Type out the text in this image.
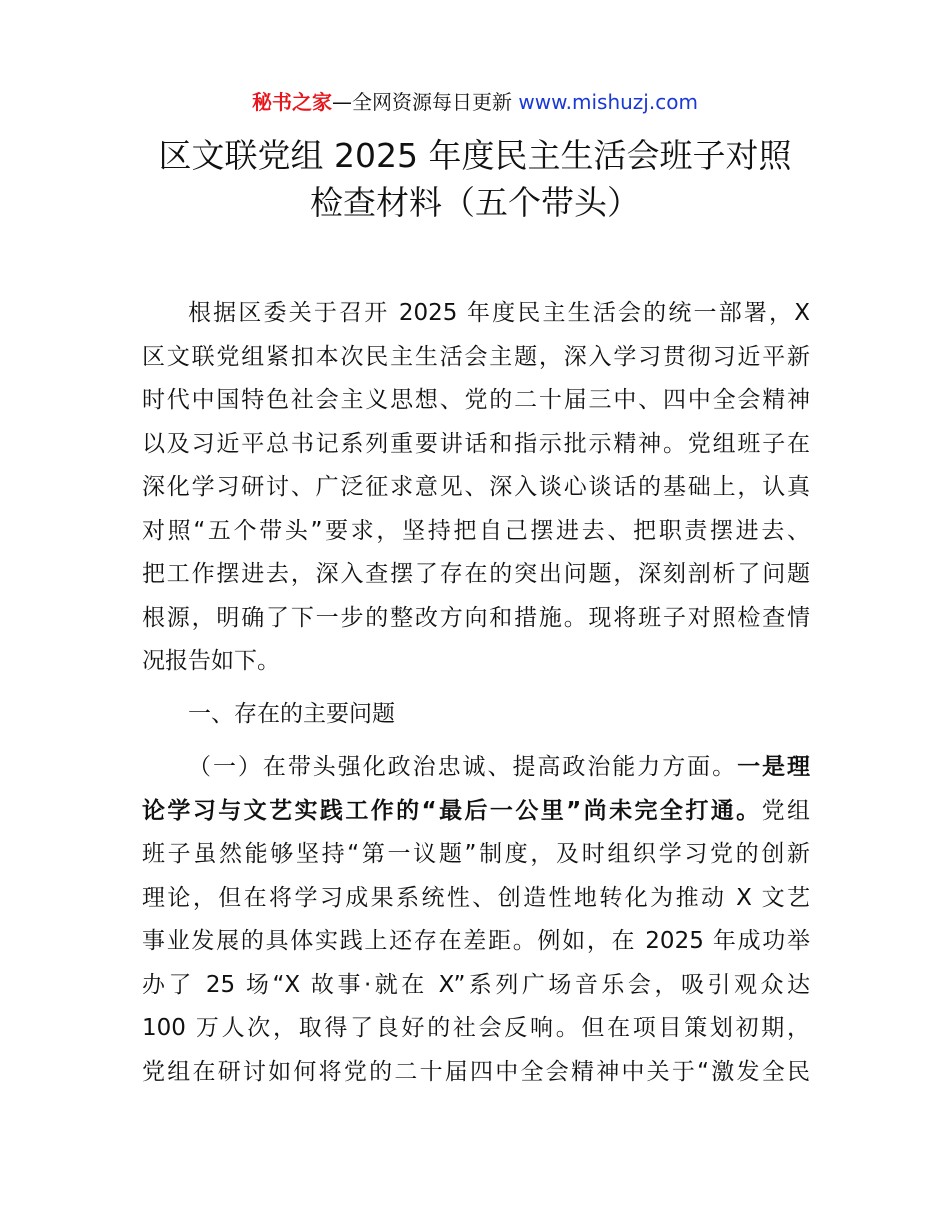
秘书之家—全网资源每日更新 www.mishuzj.com
区文联党组 2025 年度民主生活会班子对照
检查材料（五个带头）
根据区委关于召开 2025 年度民主生活会的统一部署，X
区文联党组紧扣本次民主生活会主题，深入学习贯彻习近平新
时代中国特色社会主义思想、党的二十届三中、四中全会精神
以及习近平总书记系列重要讲话和指示批示精神。党组班子在
深化学习研讨、广泛征求意见、深入谈心谈话的基础上，认真
对照“五个带头”要求，坚持把自己摆进去、把职责摆进去、
把工作摆进去，深入查摆了存在的突出问题，深刻剖析了问题
根源，明确了下一步的整改方向和措施。现将班子对照检查情
况报告如下。
一、存在的主要问题
（一）在带头强化政治忠诚、提高政治能力方面。一是理
论学习与文艺实践工作的“最后一公里”尚未完全打通。党组
班子虽然能够坚持“第一议题”制度，及时组织学习党的创新
理论，但在将学习成果系统性、创造性地转化为推动 X 文艺
事业发展的具体实践上还存在差距。例如，在 2025 年成功举
办了 25 场“X 故事·就在 X”系列广场音乐会，吸引观众达
100 万人次，取得了良好的社会反响。但在项目策划初期，
党组在研讨如何将党的二十届四中全会精神中关于“激发全民
